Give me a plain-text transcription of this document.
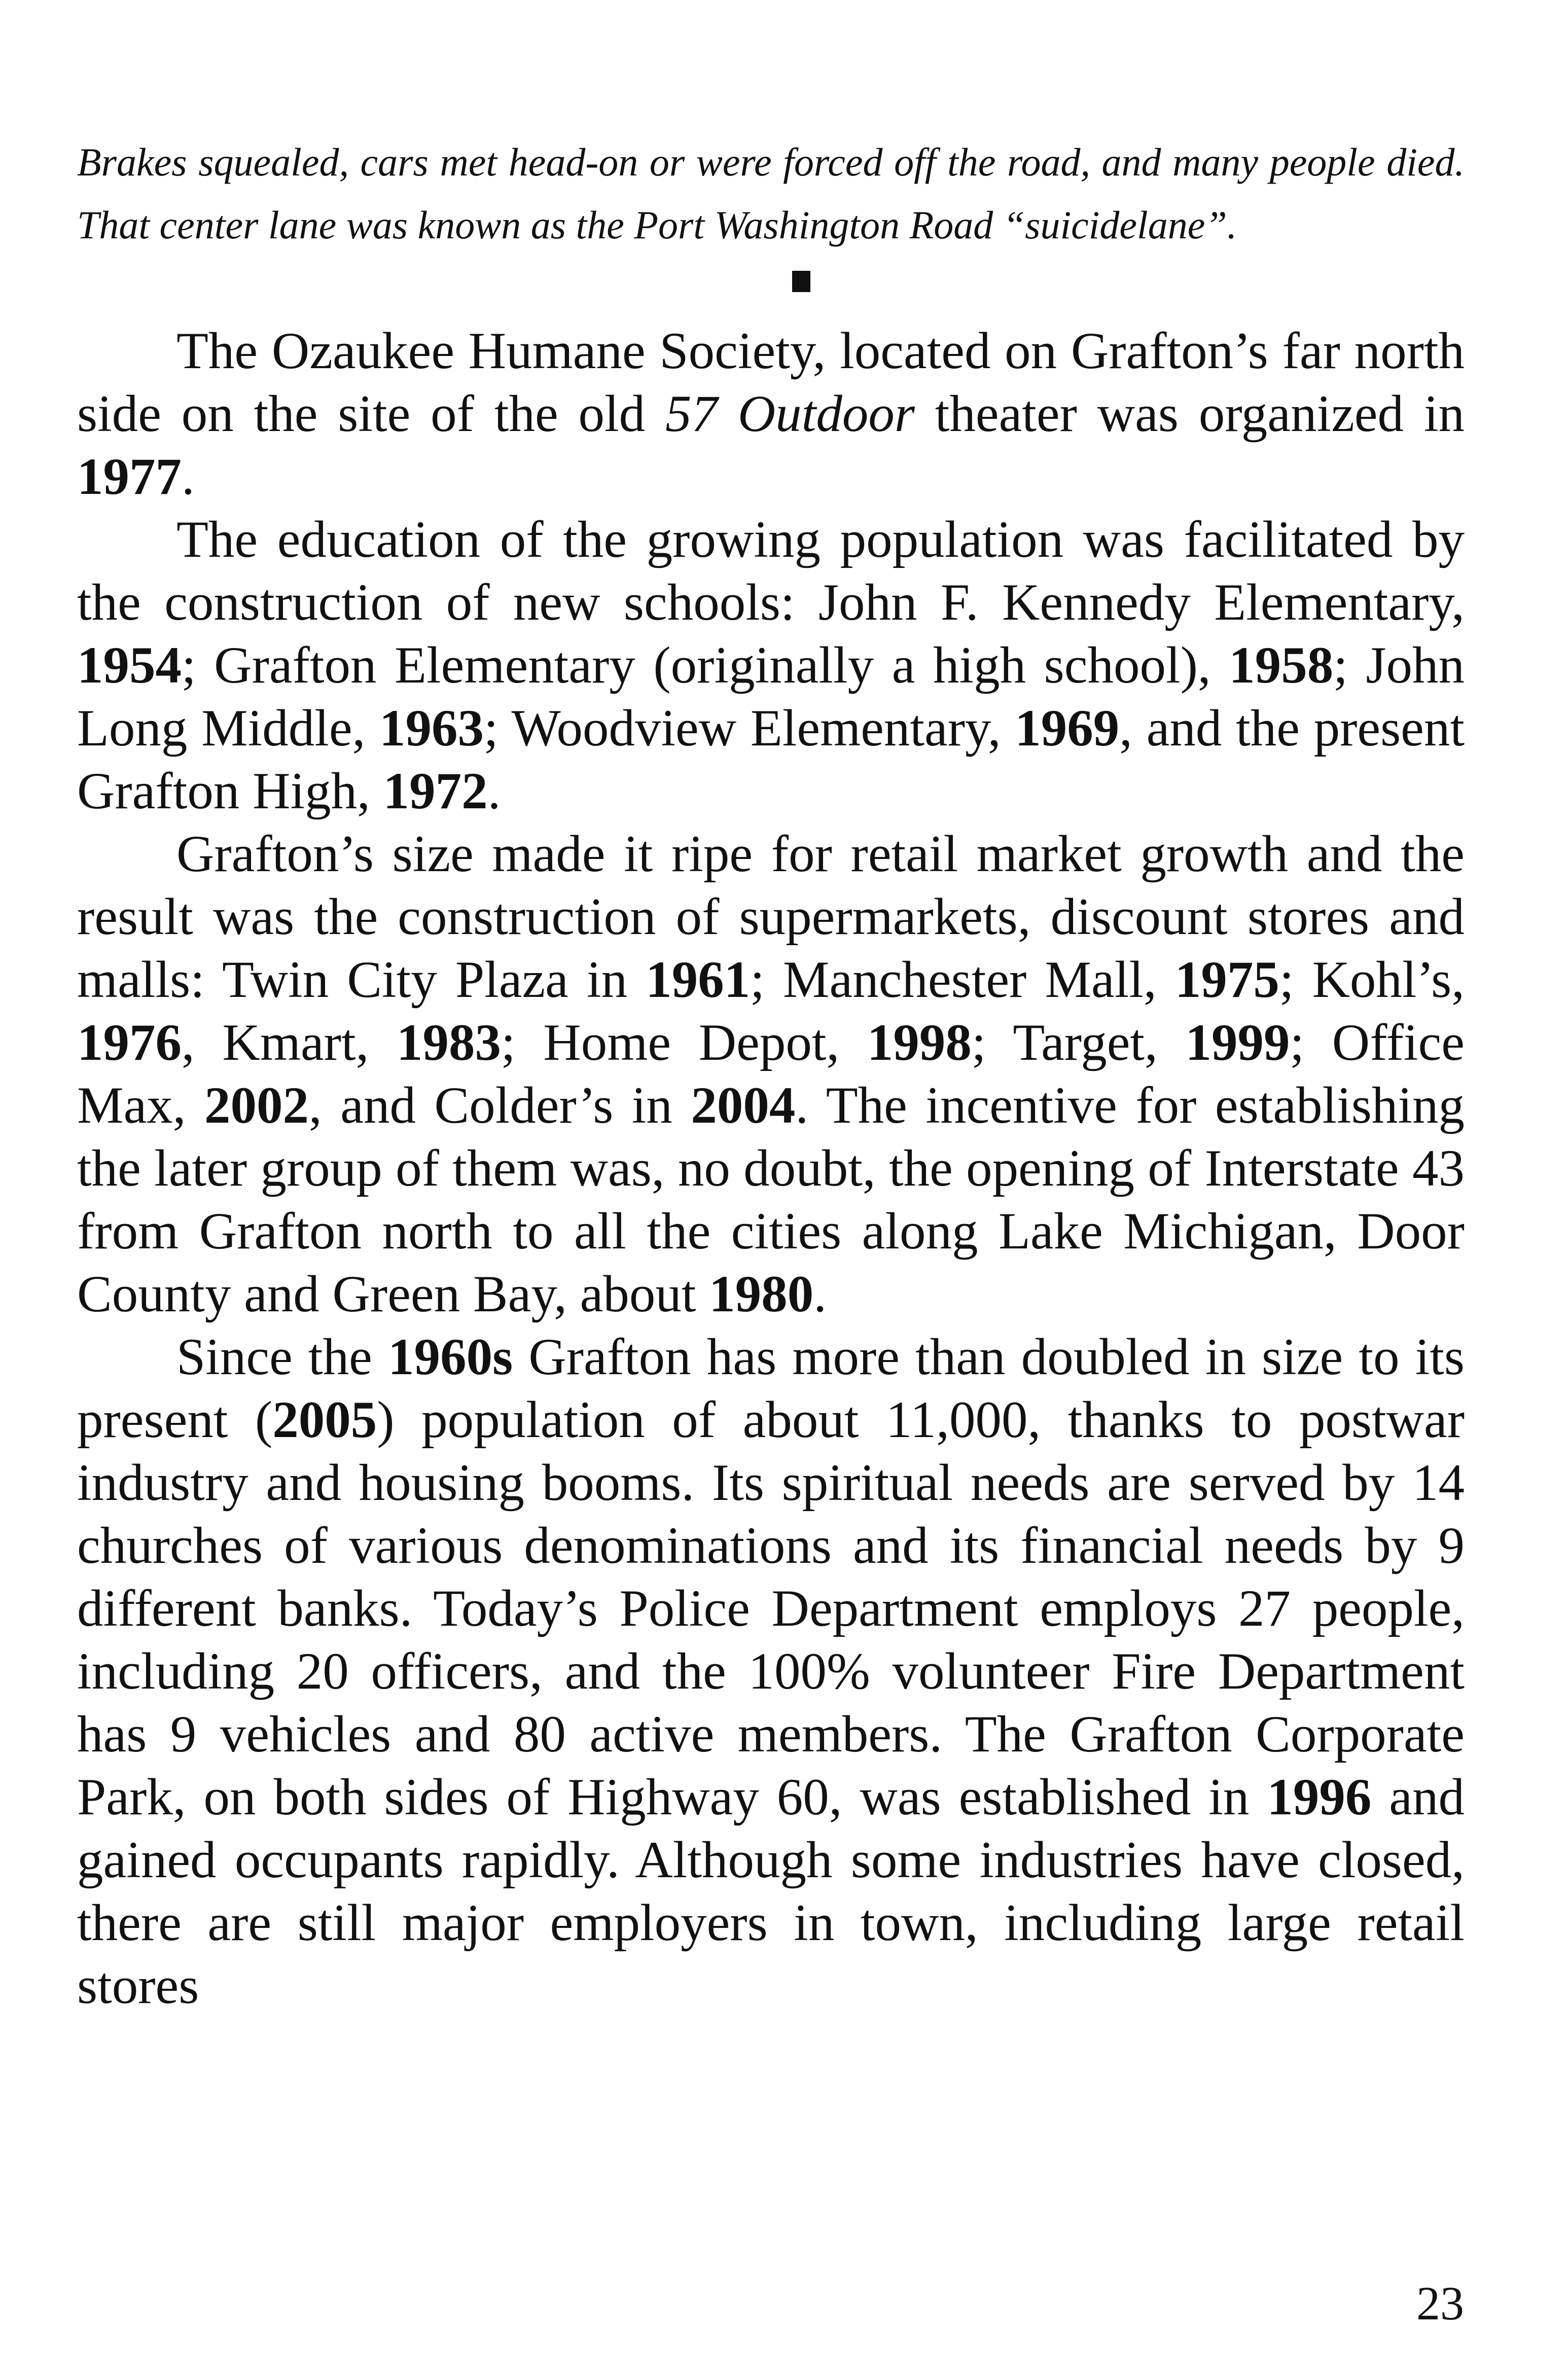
Brakes squealed, cars met head-on or were forced off the road, and many people died. That center lane was known as the Port Washington Road “suicidelane”.

The Ozaukee Humane Society, located on Grafton’s far north side on the site of the old 57 Outdoor theater was organized in 1977.

The education of the growing population was facilitated by the construction of new schools: John F. Kennedy Elementary, 1954; Grafton Elementary (originally a high school), 1958; John Long Middle, 1963; Woodview Elementary, 1969, and the present Grafton High, 1972.

Grafton’s size made it ripe for retail market growth and the result was the construction of supermarkets, discount stores and malls: Twin City Plaza in 1961; Manchester Mall, 1975; Kohl’s, 1976, Kmart, 1983; Home Depot, 1998; Target, 1999; Office Max, 2002, and Colder’s in 2004. The incentive for establishing the later group of them was, no doubt, the opening of Interstate 43 from Grafton north to all the cities along Lake Michigan, Door County and Green Bay, about 1980.

Since the 1960s Grafton has more than doubled in size to its present (2005) population of about 11,000, thanks to postwar industry and housing booms. Its spiritual needs are served by 14 churches of various denominations and its financial needs by 9 different banks. Today’s Police Department employs 27 people, including 20 officers, and the 100% volunteer Fire Department has 9 vehicles and 80 active members. The Grafton Corporate Park, on both sides of Highway 60, was established in 1996 and gained occupants rapidly. Although some industries have closed, there are still major employers in town, including large retail stores

23
